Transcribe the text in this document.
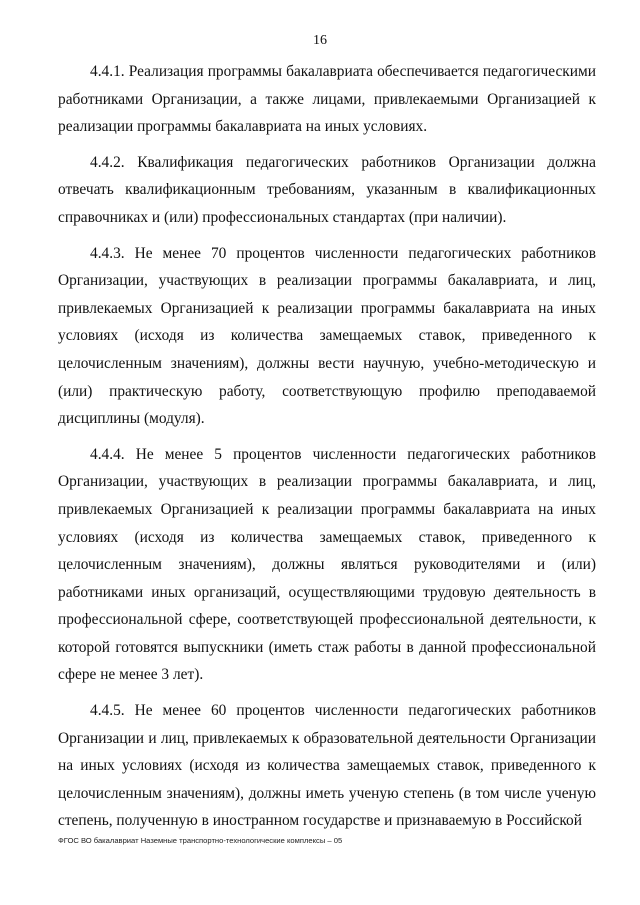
16

4.4.1. Реализация программы бакалавриата обеспечивается педагогическими работниками Организации, а также лицами, привлекаемыми Организацией к реализации программы бакалавриата на иных условиях.

4.4.2. Квалификация педагогических работников Организации должна отвечать квалификационным требованиям, указанным в квалификационных справочниках и (или) профессиональных стандартах (при наличии).

4.4.3. Не менее 70 процентов численности педагогических работников Организации, участвующих в реализации программы бакалавриата, и лиц, привлекаемых Организацией к реализации программы бакалавриата на иных условиях (исходя из количества замещаемых ставок, приведенного к целочисленным значениям), должны вести научную, учебно-методическую и (или) практическую работу, соответствующую профилю преподаваемой дисциплины (модуля).

4.4.4. Не менее 5 процентов численности педагогических работников Организации, участвующих в реализации программы бакалавриата, и лиц, привлекаемых Организацией к реализации программы бакалавриата на иных условиях (исходя из количества замещаемых ставок, приведенного к целочисленным значениям), должны являться руководителями и (или) работниками иных организаций, осуществляющими трудовую деятельность в профессиональной сфере, соответствующей профессиональной деятельности, к которой готовятся выпускники (иметь стаж работы в данной профессиональной сфере не менее 3 лет).

4.4.5. Не менее 60 процентов численности педагогических работников Организации и лиц, привлекаемых к образовательной деятельности Организации на иных условиях (исходя из количества замещаемых ставок, приведенного к целочисленным значениям), должны иметь ученую степень (в том числе ученую степень, полученную в иностранном государстве и признаваемую в Российской

ФГОС ВО бакалавриат Наземные транспортно-технологические комплексы – 05
